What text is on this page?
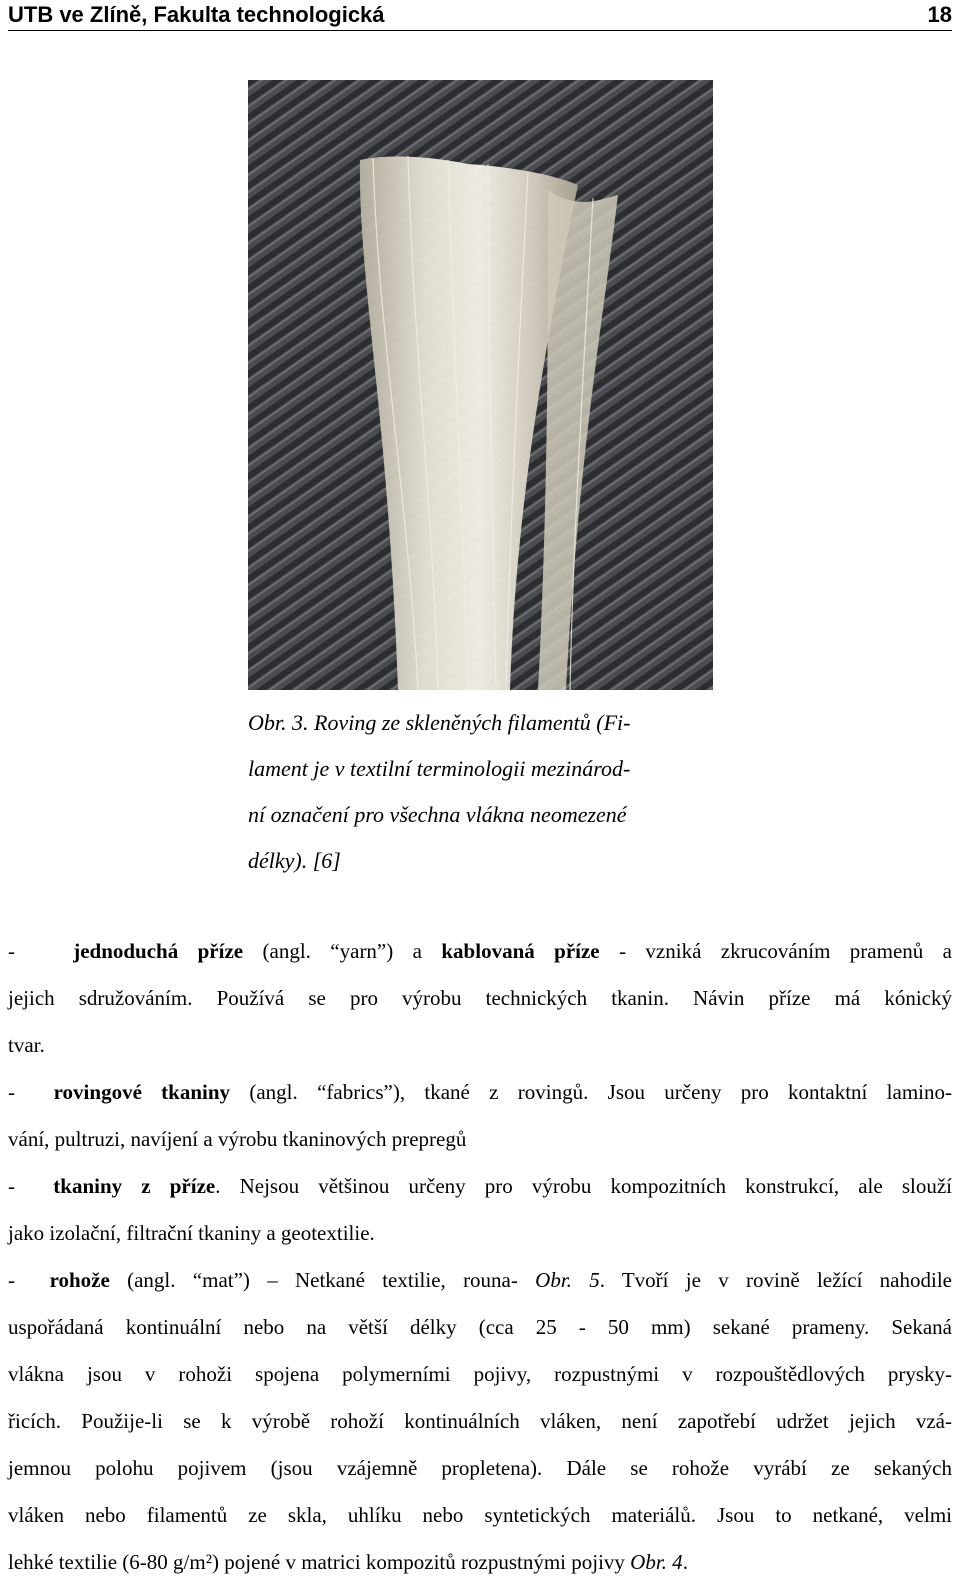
UTB ve Zlíně, Fakulta technologická	18

Obr. 3. Roving ze skleněných filamentů (Fi-

lament je v textilní terminologii mezinárod-

ní označení pro všechna vlákna neomezené

délky). [6]

-	jednoduchá příze (angl. “yarn”) a kablovaná příze - vzniká zkrucováním pramenů a
jejich sdružováním. Používá se pro výrobu technických tkanin. Návin příze má kónický
tvar.
- rovingové tkaniny (angl. “fabrics”), tkané z rovingů. Jsou určeny pro kontaktní lamino-
vání, pultruzi, navíjení a výrobu tkaninových prepregů
- tkaniny z příze. Nejsou většinou určeny pro výrobu kompozitních konstrukcí, ale slouží
jako izolační, filtrační tkaniny a geotextilie.
- rohože (angl. “mat”) – Netkané textilie, rouna- Obr. 5. Tvoří je v rovině ležící nahodile
uspořádaná kontinuální nebo na větší délky (cca 25 - 50 mm) sekané prameny. Sekaná
vlákna jsou v rohoži spojena polymerními pojivy, rozpustnými v rozpouštědlových prysky-
řicích. Použije-li se k výrobě rohoží kontinuálních vláken, není zapotřebí udržet jejich vzá-
jemnou polohu pojivem (jsou vzájemně propletena). Dále se rohože vyrábí ze sekaných
vláken nebo filamentů ze skla, uhlíku nebo syntetických materiálů. Jsou to netkané, velmi
lehké textilie (6-80 g/m²) pojené v matrici kompozitů rozpustnými pojivy Obr. 4.
